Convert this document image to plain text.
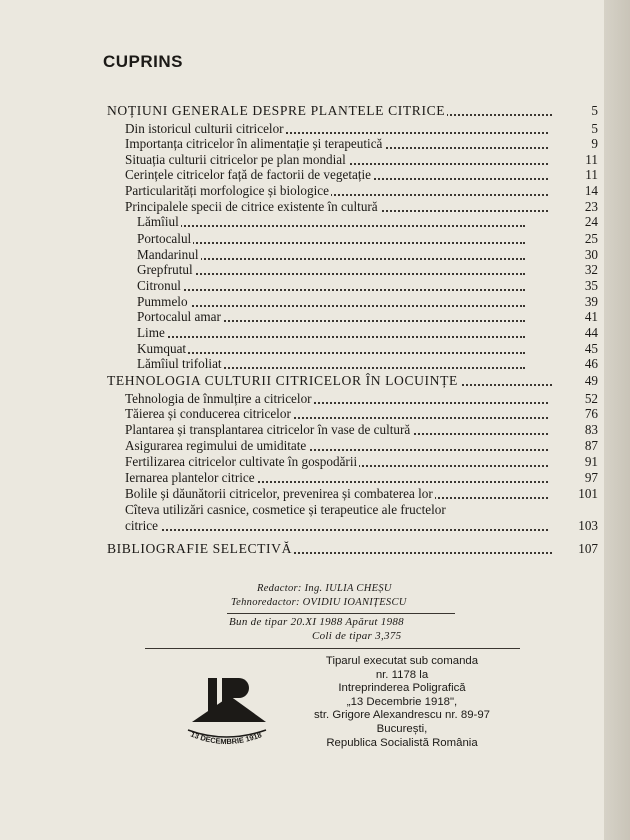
CUPRINS
NOȚIUNI GENERALE DESPRE PLANTELE CITRICE	5
Din istoricul culturii citricelor	5
Importanța citricelor în alimentație și terapeutică	9
Situația culturii citricelor pe plan mondial	11
Cerințele citricelor față de factorii de vegetație	11
Particularități morfologice și biologice	14
Principalele specii de citrice existente în cultură	23
Lămîiul	24
Portocalul	25
Mandarinul	30
Grepfrutul	32
Citronul	35
Pummelo	39
Portocalul amar	41
Lime	44
Kumquat	45
Lămîiul trifoliat	46
TEHNOLOGIA CULTURII CITRICELOR ÎN LOCUINȚE	49
Tehnologia de înmulțire a citricelor	52
Tăierea și conducerea citricelor	76
Plantarea și transplantarea citricelor în vase de cultură	83
Asigurarea regimului de umiditate	87
Fertilizarea citricelor cultivate în gospodării	91
Iernarea plantelor citrice	97
Bolile și dăunătorii citricelor, prevenirea și combaterea lor	101
Cîteva utilizări casnice, cosmetice și terapeutice ale fructelor
citrice	103
BIBLIOGRAFIE SELECTIVĂ	107
Redactor: Ing. IULIA CHEȘU
Tehnoredactor: OVIDIU IOANIȚESCU
Bun de tipar 20.XI 1988 Apărut 1988
Coli de tipar 3,375
13 DECEMBRIE 1918
Tiparul executat sub comanda
nr. 1178 la
Intreprinderea Poligrafică
„13 Decembrie 1918",
str. Grigore Alexandrescu nr. 89-97
București,
Republica Socialistă România
